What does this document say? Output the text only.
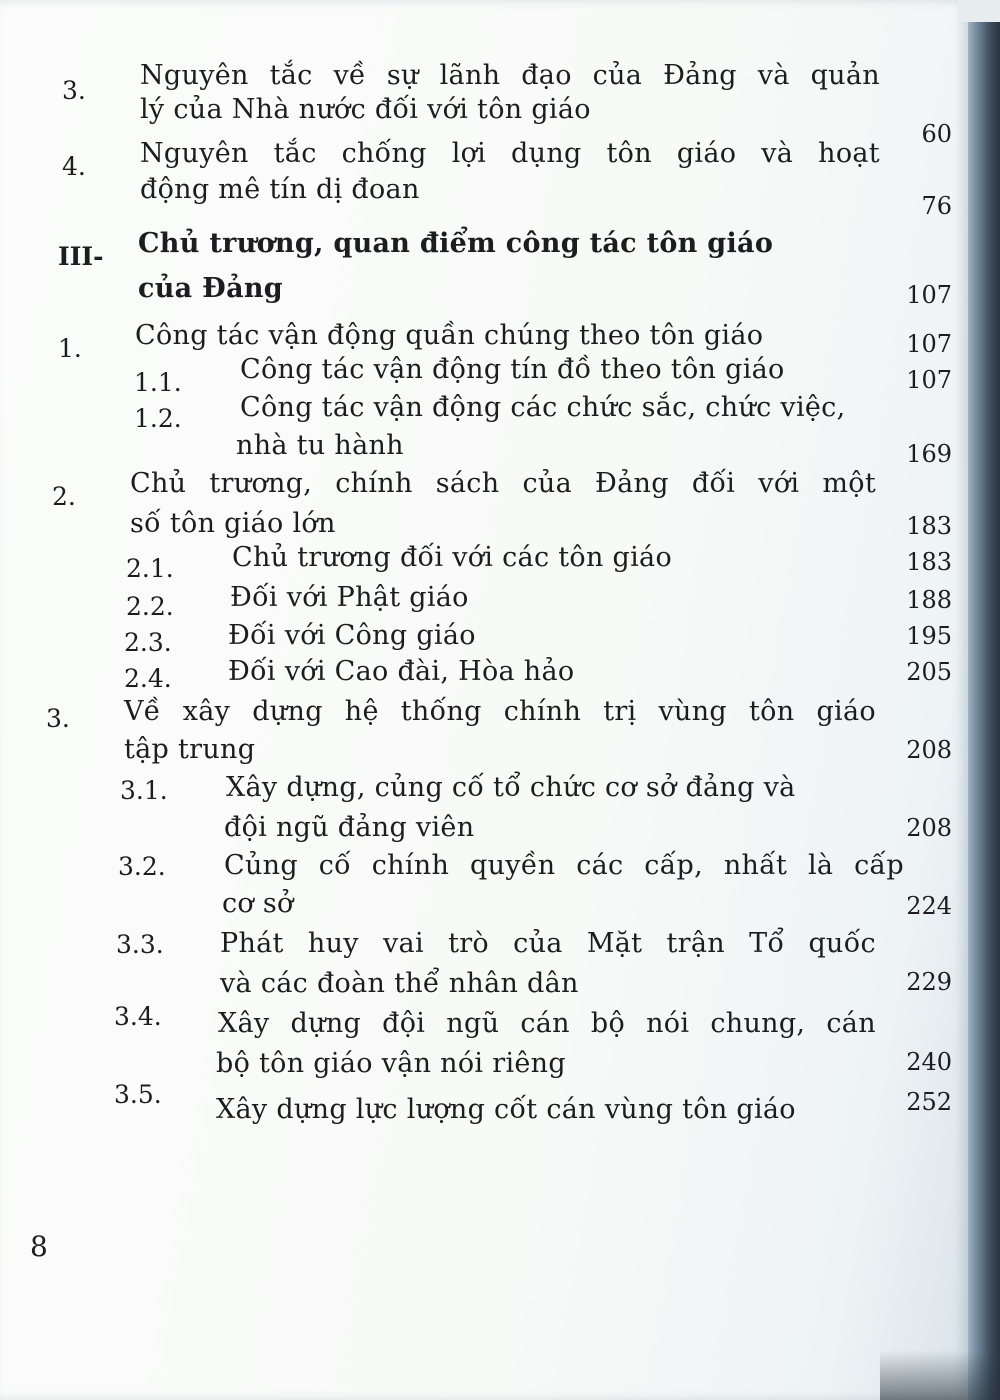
3. Nguyên tắc về sự lãnh đạo của Đảng và quản
lý của Nhà nước đối với tôn giáo
60
4. Nguyên tắc chống lợi dụng tôn giáo và hoạt
động mê tín dị đoan
76
III- Chủ trương, quan điểm công tác tôn giáo
của Đảng	107
1. Công tác vận động quần chúng theo tôn giáo	107
1.1. Công tác vận động tín đồ theo tôn giáo	107
1.2. Công tác vận động các chức sắc, chức việc,
nhà tu hành	169
2. Chủ trương, chính sách của Đảng đối với một
số tôn giáo lớn	183
2.1. Chủ trương đối với các tôn giáo	183
2.2. Đối với Phật giáo	188
2.3. Đối với Công giáo	195
2.4. Đối với Cao đài, Hòa hảo	205
3. Về xây dựng hệ thống chính trị vùng tôn giáo
tập trung	208
3.1. Xây dựng, củng cố tổ chức cơ sở đảng và
đội ngũ đảng viên	208
3.2. Củng cố chính quyền các cấp, nhất là cấp
cơ sở	224
3.3. Phát huy vai trò của Mặt trận Tổ quốc
và các đoàn thể nhân dân	229
3.4. Xây dựng đội ngũ cán bộ nói chung, cán
bộ tôn giáo vận nói riêng	240
3.5. Xây dựng lực lượng cốt cán vùng tôn giáo	252
8
